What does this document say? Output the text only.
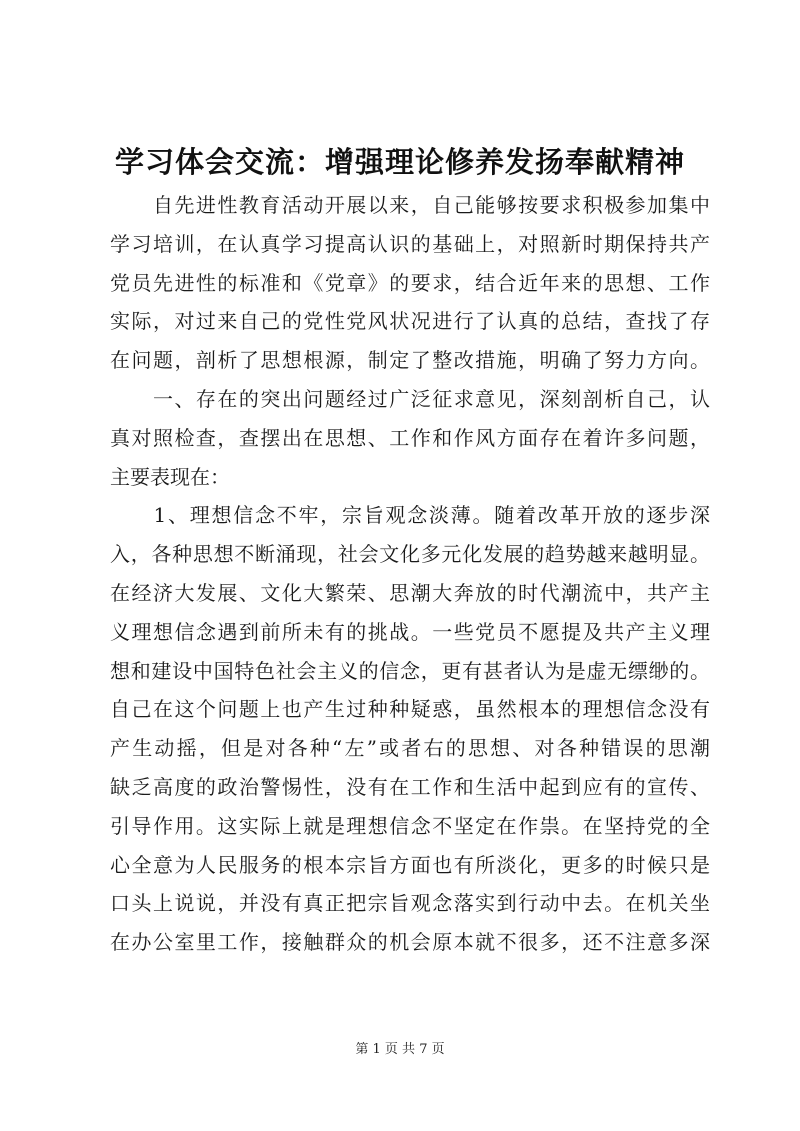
学习体会交流：增强理论修养发扬奉献精神
　　自先进性教育活动开展以来，自己能够按要求积极参加集中
学习培训，在认真学习提高认识的基础上，对照新时期保持共产
党员先进性的标准和《党章》的要求，结合近年来的思想、工作
实际，对过来自己的党性党风状况进行了认真的总结，查找了存
在问题，剖析了思想根源，制定了整改措施，明确了努力方向。
　　一、存在的突出问题经过广泛征求意见，深刻剖析自己，认
真对照检查，查摆出在思想、工作和作风方面存在着许多问题，
主要表现在：
　　1、理想信念不牢，宗旨观念淡薄。随着改革开放的逐步深
入，各种思想不断涌现，社会文化多元化发展的趋势越来越明显。
在经济大发展、文化大繁荣、思潮大奔放的时代潮流中，共产主
义理想信念遇到前所未有的挑战。一些党员不愿提及共产主义理
想和建设中国特色社会主义的信念，更有甚者认为是虚无缥缈的。
自己在这个问题上也产生过种种疑惑，虽然根本的理想信念没有
产生动摇，但是对各种“左”或者右的思想、对各种错误的思潮
缺乏高度的政治警惕性，没有在工作和生活中起到应有的宣传、
引导作用。这实际上就是理想信念不坚定在作祟。在坚持党的全
心全意为人民服务的根本宗旨方面也有所淡化，更多的时候只是
口头上说说，并没有真正把宗旨观念落实到行动中去。在机关坐
在办公室里工作，接触群众的机会原本就不很多，还不注意多深
第 1 页 共 7 页
